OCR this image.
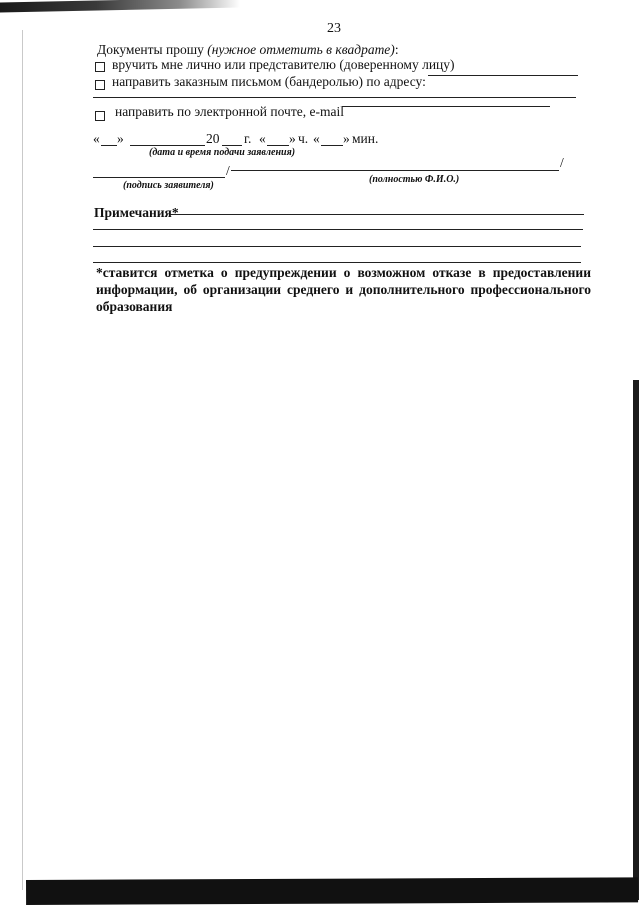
23
Документы прошу (нужное отметить в квадрате):
вручить мне лично или представителю (доверенному лицу)
направить заказным письмом (бандеролью) по адресу:
направить по электронной почте, e-mail
« »	20 г. « » ч. « » мин.
(дата и время подачи заявления)
/
/
(подпись заявителя)
(полностью Ф.И.О.)
Примечания*
*ставится отметка о предупреждении о возможном отказе в предоставлении
информации, об организации среднего и дополнительного профессионального
образования
